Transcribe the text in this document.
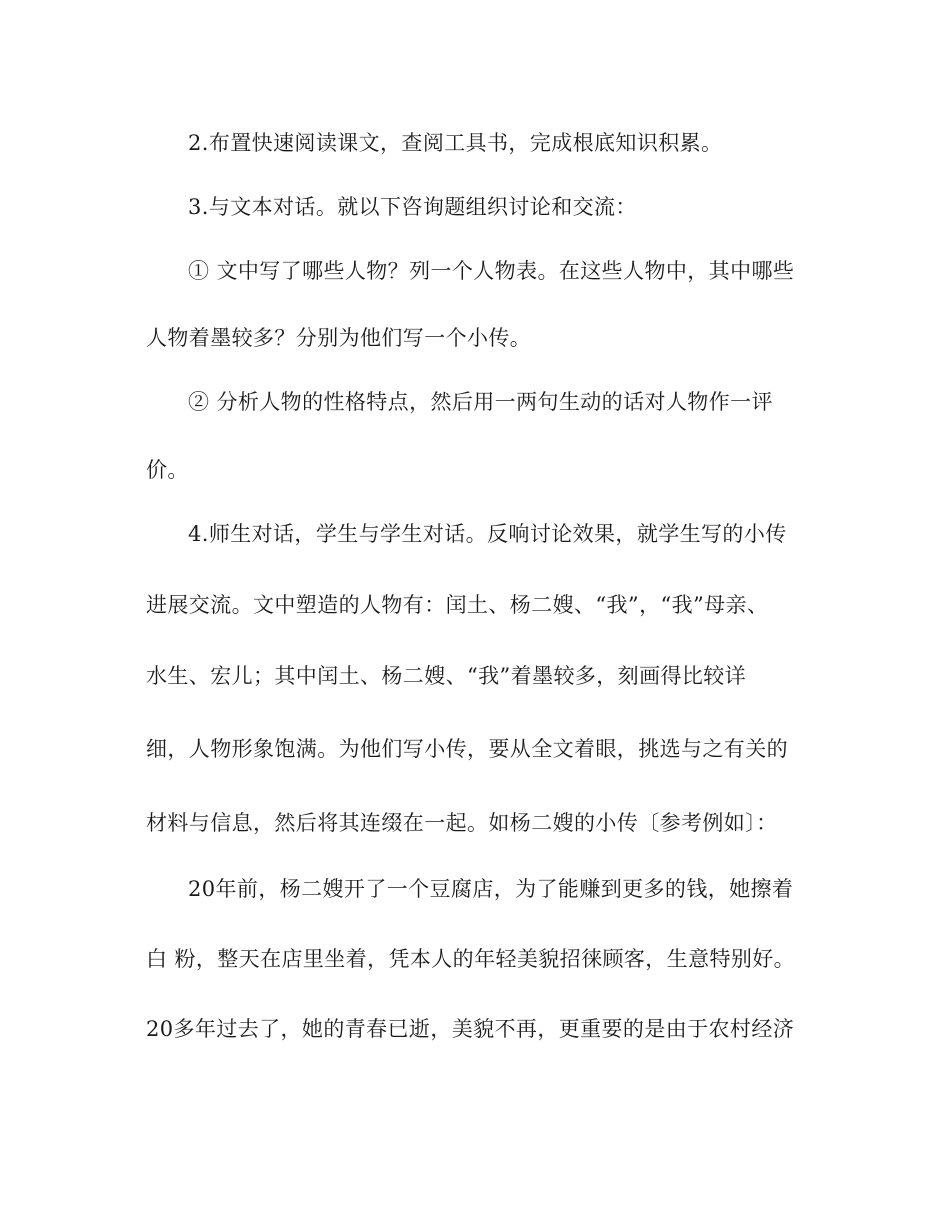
2.布置快速阅读课文，查阅工具书，完成根底知识积累。
3.与文本对话。就以下咨询题组织讨论和交流：
① 文中写了哪些人物？列一个人物表。在这些人物中，其中哪些
人物着墨较多？分别为他们写一个小传。
② 分析人物的性格特点，然后用一两句生动的话对人物作一评
价。
4.师生对话，学生与学生对话。反响讨论效果，就学生写的小传
进展交流。文中塑造的人物有：闰土、杨二嫂、“我”，“我”母亲、
水生、宏儿；其中闰土、杨二嫂、“我”着墨较多，刻画得比较详
细，人物形象饱满。为他们写小传，要从全文着眼，挑选与之有关的
材料与信息，然后将其连缀在一起。如杨二嫂的小传〔参考例如〕：
20年前，杨二嫂开了一个豆腐店，为了能赚到更多的钱，她擦着
白 粉，整天在店里坐着，凭本人的年轻美貌招徕顾客，生意特别好。
20多年过去了，她的青春已逝，美貌不再，更重要的是由于农村经济
